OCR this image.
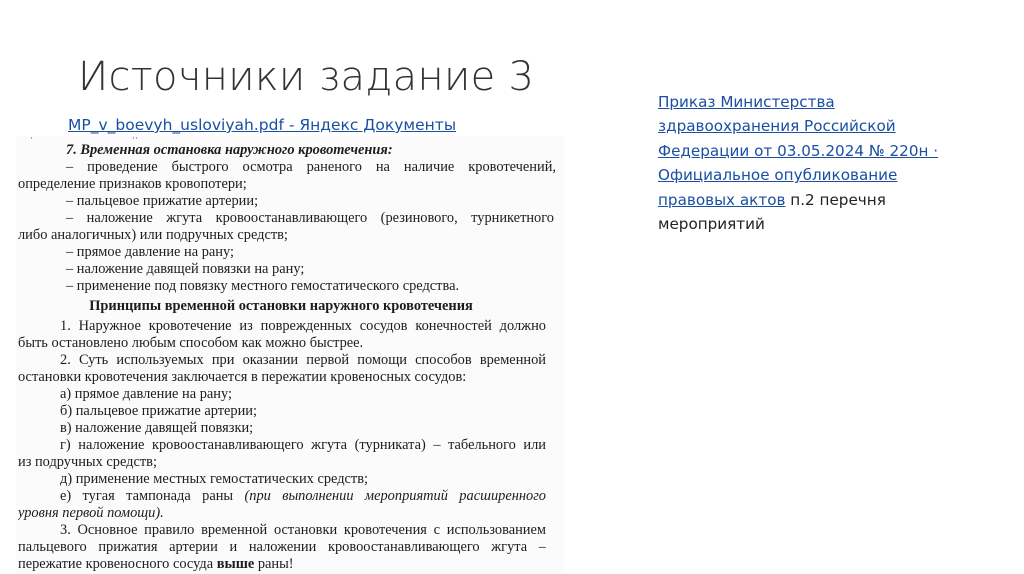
Источники задание 3
MP_v_boevyh_usloviyah.pdf - Яндекс Документы
·                                            ··
7. Временная остановка наружного кровотечения:
– проведение быстрого осмотра раненого на наличие кровотечений,
определение признаков кровопотери;
– пальцевое прижатие артерии;
– наложение жгута кровоостанавливающего (резинового, турникетного
либо аналогичных) или подручных средств;
– прямое давление на рану;
– наложение давящей повязки на рану;
– применение под повязку местного гемостатического средства.
Принципы временной остановки наружного кровотечения
1. Наружное кровотечение из поврежденных сосудов конечностей должно
быть остановлено любым способом как можно быстрее.
2. Суть используемых при оказании первой помощи способов временной
остановки кровотечения заключается в пережатии кровеносных сосудов:
а) прямое давление на рану;
б) пальцевое прижатие артерии;
в) наложение давящей повязки;
г) наложение кровоостанавливающего жгута (турниката) – табельного или
из подручных средств;
д) применение местных гемостатических средств;
е) тугая тампонада раны (при выполнении мероприятий расширенного
уровня первой помощи).
3. Основное правило временной остановки кровотечения с использованием
пальцевого прижатия артерии и наложении кровоостанавливающего жгута –
пережатие кровеносного сосуда выше раны!
Приказ Министерства здравоохранения Российской Федерации от 03.05.2024 № 220н · Официальное опубликование правовых актов п.2 перечня мероприятий
